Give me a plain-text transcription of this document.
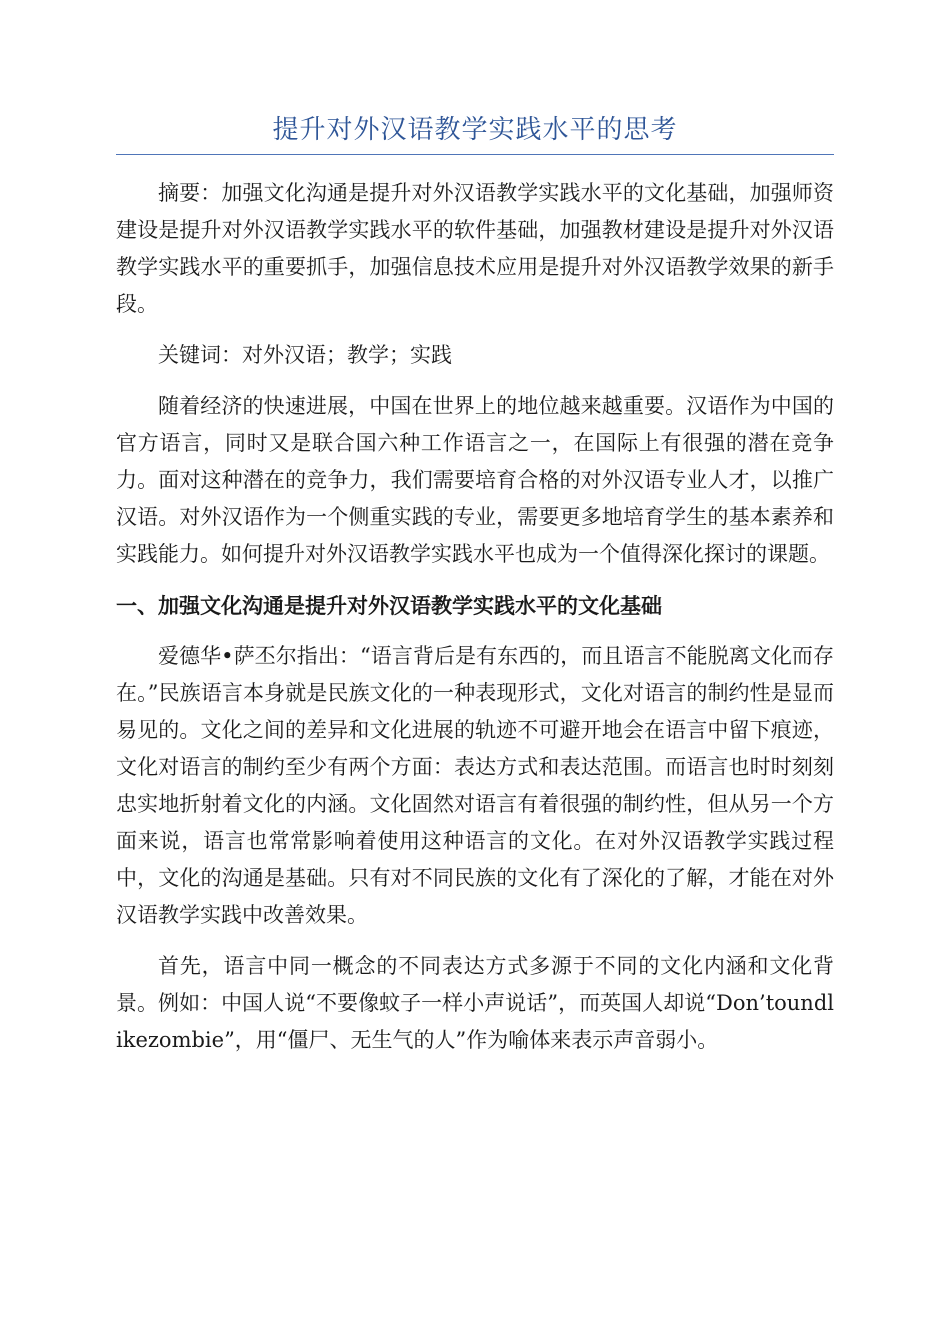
提升对外汉语教学实践水平的思考

摘要：加强文化沟通是提升对外汉语教学实践水平的文化基础，加强师资建设是提升对外汉语教学实践水平的软件基础，加强教材建设是提升对外汉语教学实践水平的重要抓手，加强信息技术应用是提升对外汉语教学效果的新手段。

关键词：对外汉语；教学；实践

随着经济的快速进展，中国在世界上的地位越来越重要。汉语作为中国的官方语言，同时又是联合国六种工作语言之一，在国际上有很强的潜在竞争力。面对这种潜在的竞争力，我们需要培育合格的对外汉语专业人才，以推广汉语。对外汉语作为一个侧重实践的专业，需要更多地培育学生的基本素养和实践能力。如何提升对外汉语教学实践水平也成为一个值得深化探讨的课题。

一、加强文化沟通是提升对外汉语教学实践水平的文化基础

爱德华•萨丕尔指出：“语言背后是有东西的，而且语言不能脱离文化而存在。”民族语言本身就是民族文化的一种表现形式，文化对语言的制约性是显而易见的。文化之间的差异和文化进展的轨迹不可避开地会在语言中留下痕迹，文化对语言的制约至少有两个方面：表达方式和表达范围。而语言也时时刻刻忠实地折射着文化的内涵。文化固然对语言有着很强的制约性，但从另一个方面来说，语言也常常影响着使用这种语言的文化。在对外汉语教学实践过程中，文化的沟通是基础。只有对不同民族的文化有了深化的了解，才能在对外汉语教学实践中改善效果。

首先，语言中同一概念的不同表达方式多源于不同的文化内涵和文化背景。例如：中国人说“不要像蚊子一样小声说话”，而英国人却说“Don’toundlikezombie”，用“僵尸、无生气的人”作为喻体来表示声音弱小。
